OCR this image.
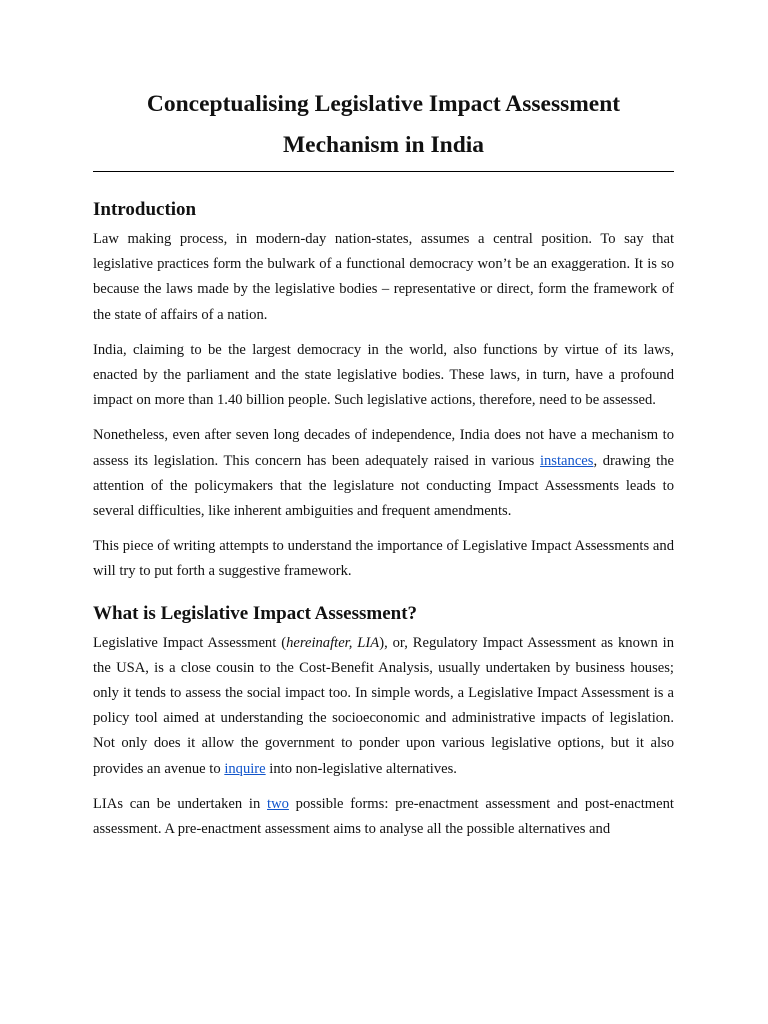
Conceptualising Legislative Impact Assessment
Mechanism in India
Introduction

Law making process, in modern-day nation-states, assumes a central position. To say that legislative practices form the bulwark of a functional democracy won’t be an exaggeration. It is so because the laws made by the legislative bodies – representative or direct, form the framework of the state of affairs of a nation.

India, claiming to be the largest democracy in the world, also functions by virtue of its laws, enacted by the parliament and the state legislative bodies. These laws, in turn, have a profound impact on more than 1.40 billion people. Such legislative actions, therefore, need to be assessed.

Nonetheless, even after seven long decades of independence, India does not have a mechanism to assess its legislation. This concern has been adequately raised in various instances, drawing the attention of the policymakers that the legislature not conducting Impact Assessments leads to several difficulties, like inherent ambiguities and frequent amendments.

This piece of writing attempts to understand the importance of Legislative Impact Assessments and will try to put forth a suggestive framework.

What is Legislative Impact Assessment?

Legislative Impact Assessment (hereinafter, LIA), or, Regulatory Impact Assessment as known in the USA, is a close cousin to the Cost-Benefit Analysis, usually undertaken by business houses; only it tends to assess the social impact too. In simple words, a Legislative Impact Assessment is a policy tool aimed at understanding the socioeconomic and administrative impacts of legislation. Not only does it allow the government to ponder upon various legislative options, but it also provides an avenue to inquire into non-legislative alternatives.

LIAs can be undertaken in two possible forms: pre-enactment assessment and post-enactment assessment. A pre-enactment assessment aims to analyse all the possible alternatives and
